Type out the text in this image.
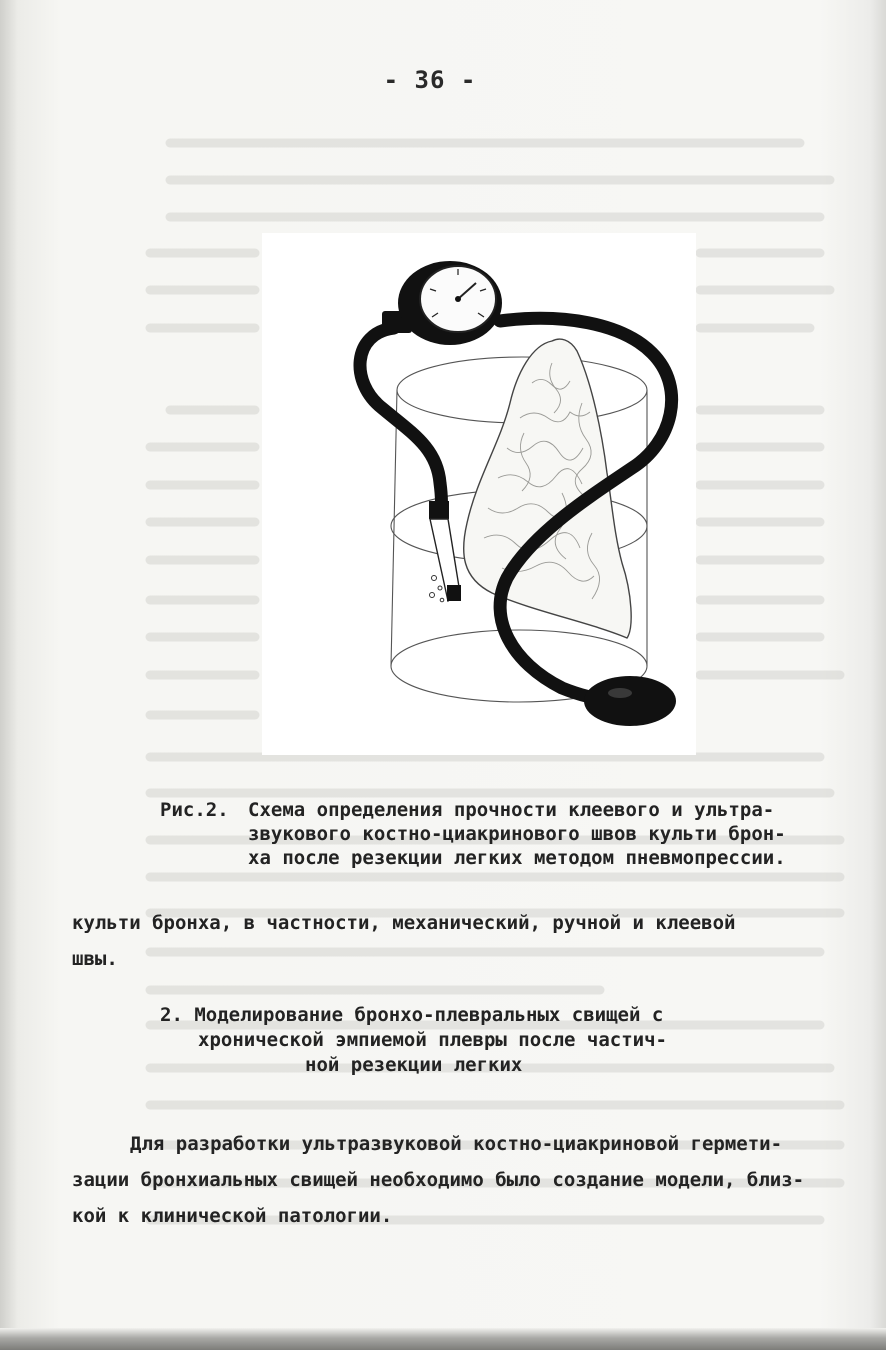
- 36 -
Рис.2. Схема определения прочности клеевого и ультра-
звукового костно-циакринового швов культи брон-
ха после резекции легких методом пневмопрессии.
культи бронха, в частности, механический, ручной и клеевой
швы.
2. Моделирование бронхо-плевральных свищей с
хронической эмпиемой плевры после частич-
ной резекции легких
Для разработки ультразвуковой костно-циакриновой гермети-
зации бронхиальных свищей необходимо было создание модели, близ-
кой к клинической патологии.
